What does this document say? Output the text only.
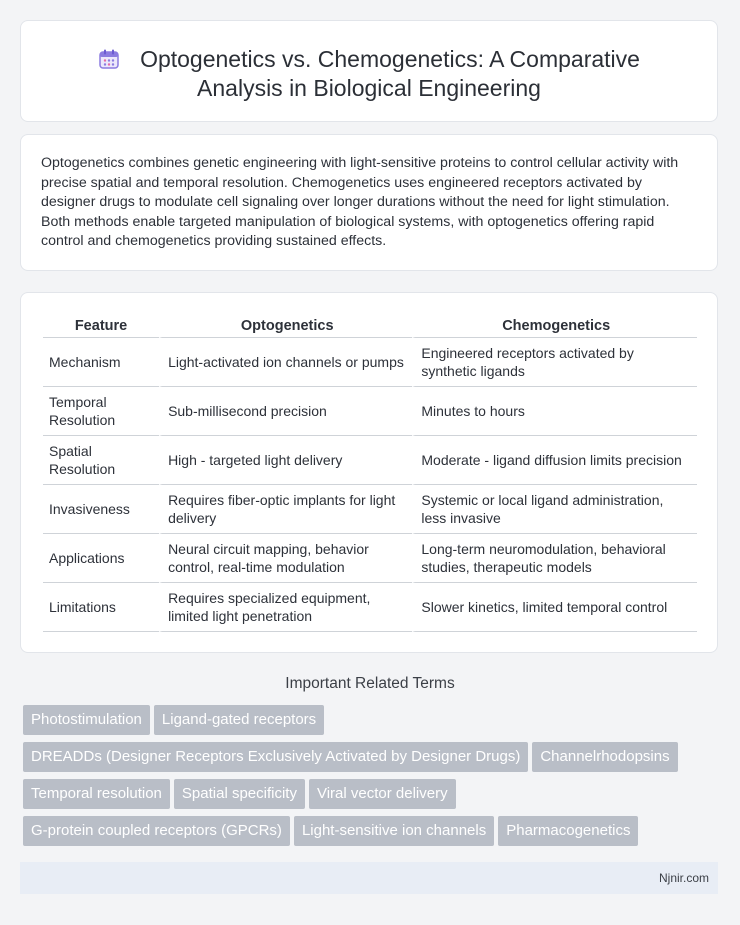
Optogenetics vs. Chemogenetics: A Comparative
Analysis in Biological Engineering
Optogenetics combines genetic engineering with light-sensitive proteins to control cellular activity with precise spatial and temporal resolution. Chemogenetics uses engineered receptors activated by designer drugs to modulate cell signaling over longer durations without the need for light stimulation. Both methods enable targeted manipulation of biological systems, with optogenetics offering rapid control and chemogenetics providing sustained effects.
Feature	Optogenetics	Chemogenetics
Mechanism	Light-activated ion channels or pumps	Engineered receptors activated by synthetic ligands
Temporal Resolution	Sub-millisecond precision	Minutes to hours
Spatial Resolution	High - targeted light delivery	Moderate - ligand diffusion limits precision
Invasiveness	Requires fiber-optic implants for light delivery	Systemic or local ligand administration, less invasive
Applications	Neural circuit mapping, behavior control, real-time modulation	Long-term neuromodulation, behavioral studies, therapeutic models
Limitations	Requires specialized equipment, limited light penetration	Slower kinetics, limited temporal control
Important Related Terms
Photostimulation Ligand-gated receptors
DREADDs (Designer Receptors Exclusively Activated by Designer Drugs) Channelrhodopsins
Temporal resolution Spatial specificity Viral vector delivery
G-protein coupled receptors (GPCRs) Light-sensitive ion channels Pharmacogenetics
Njnir.com
